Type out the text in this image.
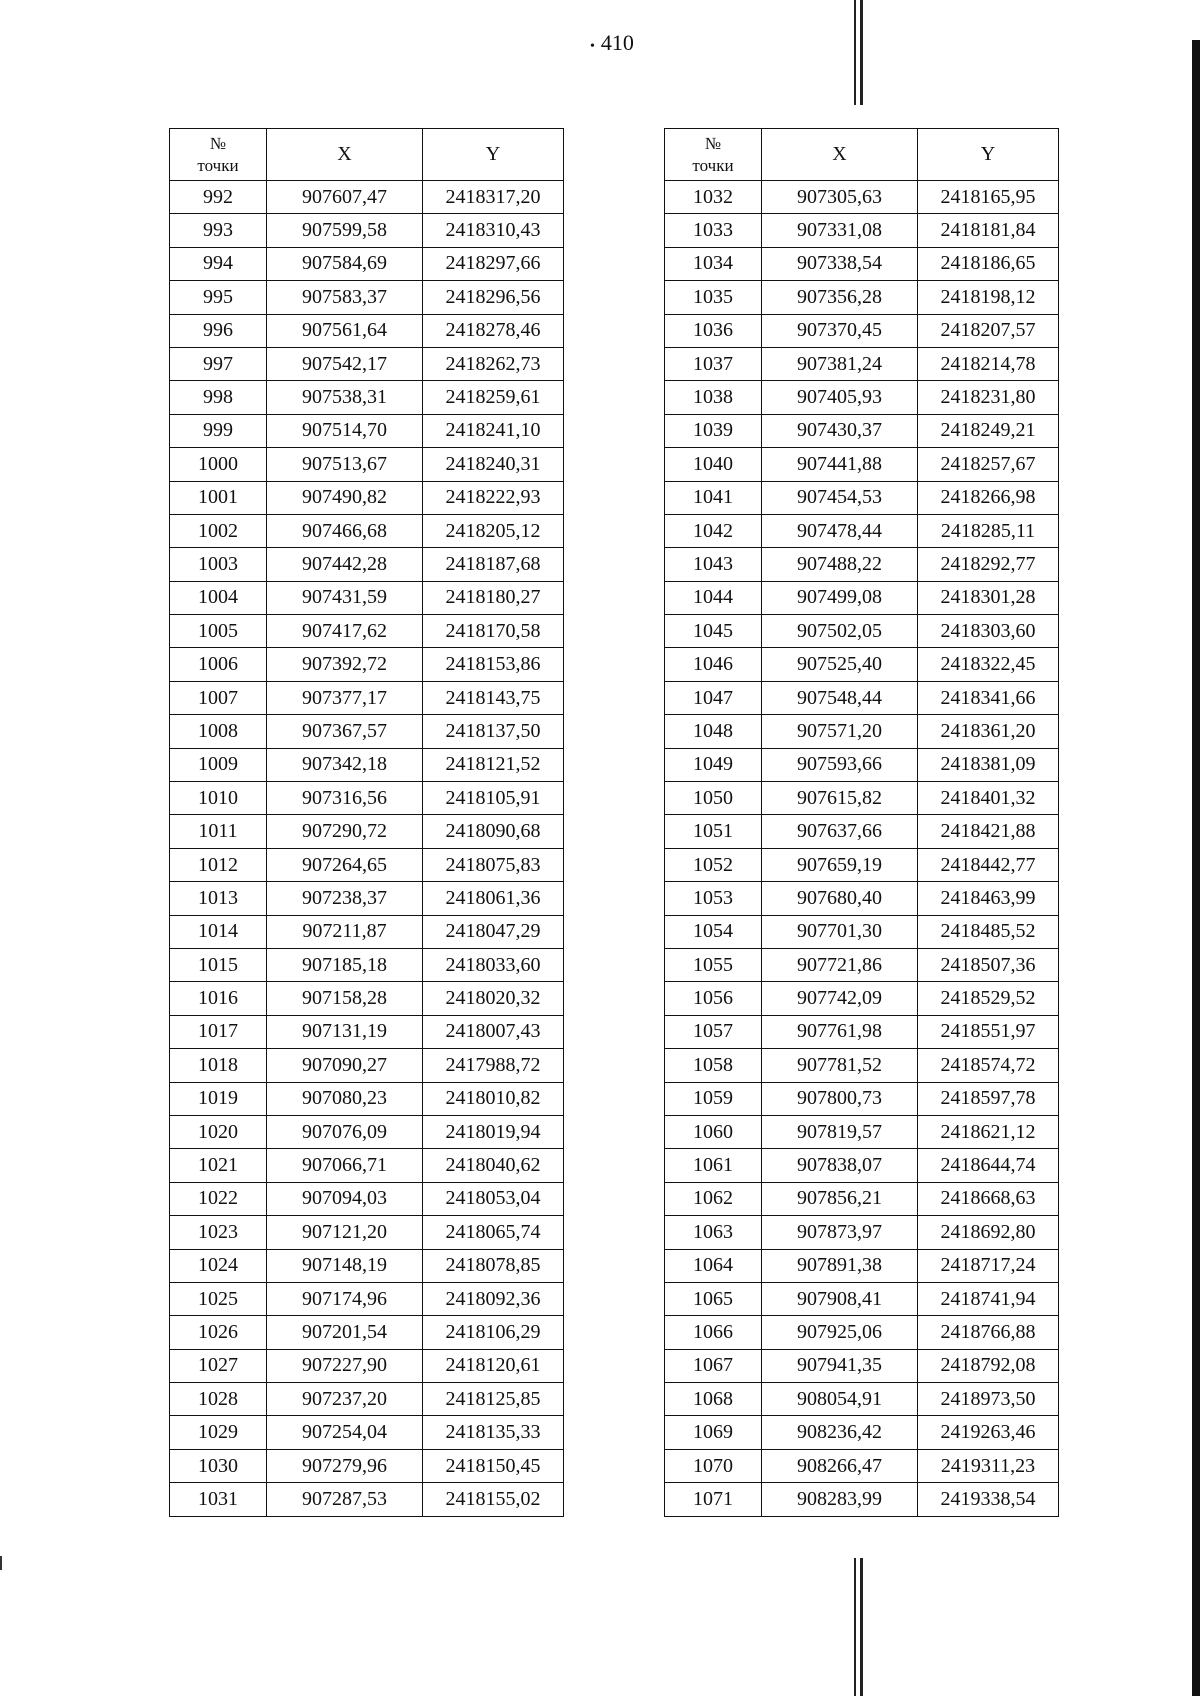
• 410
№
точки	X	Y
992	907607,47	2418317,20
993	907599,58	2418310,43
994	907584,69	2418297,66
995	907583,37	2418296,56
996	907561,64	2418278,46
997	907542,17	2418262,73
998	907538,31	2418259,61
999	907514,70	2418241,10
1000	907513,67	2418240,31
1001	907490,82	2418222,93
1002	907466,68	2418205,12
1003	907442,28	2418187,68
1004	907431,59	2418180,27
1005	907417,62	2418170,58
1006	907392,72	2418153,86
1007	907377,17	2418143,75
1008	907367,57	2418137,50
1009	907342,18	2418121,52
1010	907316,56	2418105,91
1011	907290,72	2418090,68
1012	907264,65	2418075,83
1013	907238,37	2418061,36
1014	907211,87	2418047,29
1015	907185,18	2418033,60
1016	907158,28	2418020,32
1017	907131,19	2418007,43
1018	907090,27	2417988,72
1019	907080,23	2418010,82
1020	907076,09	2418019,94
1021	907066,71	2418040,62
1022	907094,03	2418053,04
1023	907121,20	2418065,74
1024	907148,19	2418078,85
1025	907174,96	2418092,36
1026	907201,54	2418106,29
1027	907227,90	2418120,61
1028	907237,20	2418125,85
1029	907254,04	2418135,33
1030	907279,96	2418150,45
1031	907287,53	2418155,02
№
точки	X	Y
1032	907305,63	2418165,95
1033	907331,08	2418181,84
1034	907338,54	2418186,65
1035	907356,28	2418198,12
1036	907370,45	2418207,57
1037	907381,24	2418214,78
1038	907405,93	2418231,80
1039	907430,37	2418249,21
1040	907441,88	2418257,67
1041	907454,53	2418266,98
1042	907478,44	2418285,11
1043	907488,22	2418292,77
1044	907499,08	2418301,28
1045	907502,05	2418303,60
1046	907525,40	2418322,45
1047	907548,44	2418341,66
1048	907571,20	2418361,20
1049	907593,66	2418381,09
1050	907615,82	2418401,32
1051	907637,66	2418421,88
1052	907659,19	2418442,77
1053	907680,40	2418463,99
1054	907701,30	2418485,52
1055	907721,86	2418507,36
1056	907742,09	2418529,52
1057	907761,98	2418551,97
1058	907781,52	2418574,72
1059	907800,73	2418597,78
1060	907819,57	2418621,12
1061	907838,07	2418644,74
1062	907856,21	2418668,63
1063	907873,97	2418692,80
1064	907891,38	2418717,24
1065	907908,41	2418741,94
1066	907925,06	2418766,88
1067	907941,35	2418792,08
1068	908054,91	2418973,50
1069	908236,42	2419263,46
1070	908266,47	2419311,23
1071	908283,99	2419338,54
